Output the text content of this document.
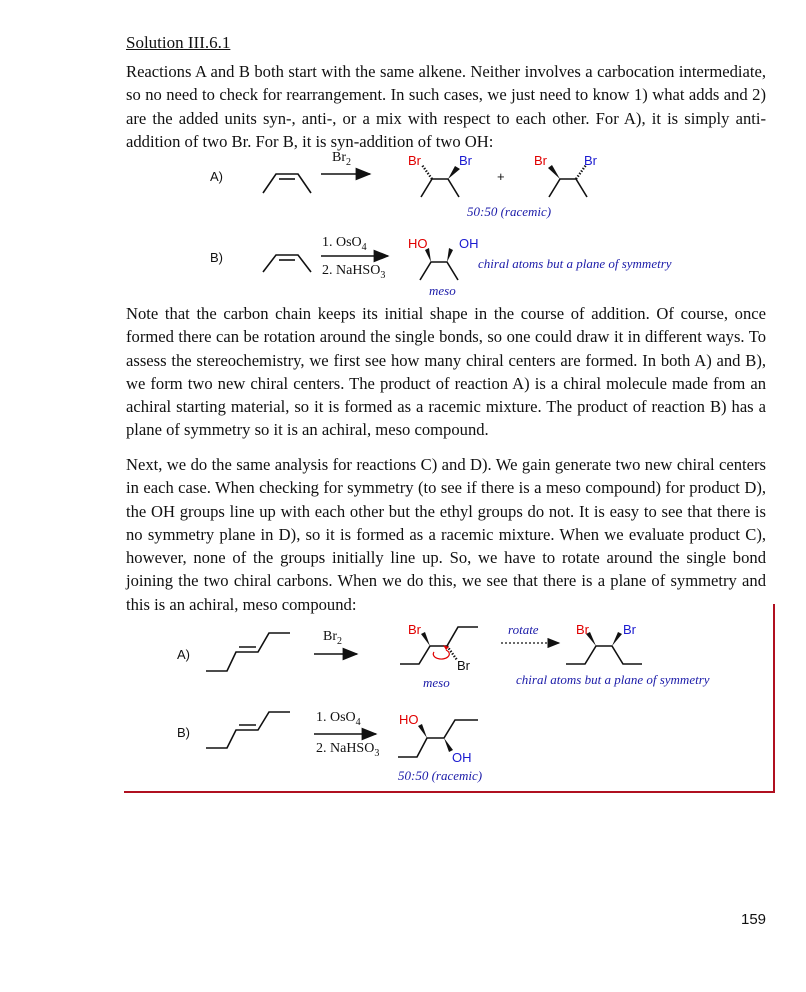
Solution III.6.1
Reactions A and B both start with the same alkene. Neither involves a carbocation intermediate, so no need to check for rearrangement. In such cases, we just need to know 1) what adds and 2) are the added units syn-, anti-, or a mix with respect to each other. For A), it is simply anti-addition of two Br. For B, it is syn-addition of two OH:
Note that the carbon chain keeps its initial shape in the course of addition. Of course, once formed there can be rotation around the single bonds, so one could draw it in different ways. To assess the stereochemistry, we first see how many chiral centers are formed. In both A) and B), we form two new chiral centers. The product of reaction A) is a chiral molecule made from an achiral starting material, so it is formed as a racemic mixture. The product of reaction B) has a plane of symmetry so it is an achiral, meso compound.
Next, we do the same analysis for reactions C) and D). We gain generate two new chiral centers in each case. When checking for symmetry (to see if there is a meso compound) for product D), the OH groups line up with each other but the ethyl groups do not. It is easy to see that there is no symmetry plane in D), so it is formed as a racemic mixture. When we evaluate product C), however, none of the groups initially line up. So, we have to rotate around the single bond joining the two chiral carbons. When we do this, we see that there is a plane of symmetry and this is an achiral, meso compound:
159
A)
$Br_2$	Br	Br
+
Br	Br
50:50 (racemic)
B)
1. OsO$_4$
2. NaHSO$_3$
HO OH
chiral atoms but a plane of symmetry
meso
A)
$Br_2$
Br
Br
rotate
meso
Br	Br
chiral atoms but a plane of symmetry
B)
1. OsO$_4$
2. NaHSO$_3$
HO
OH
50:50 (racemic)
